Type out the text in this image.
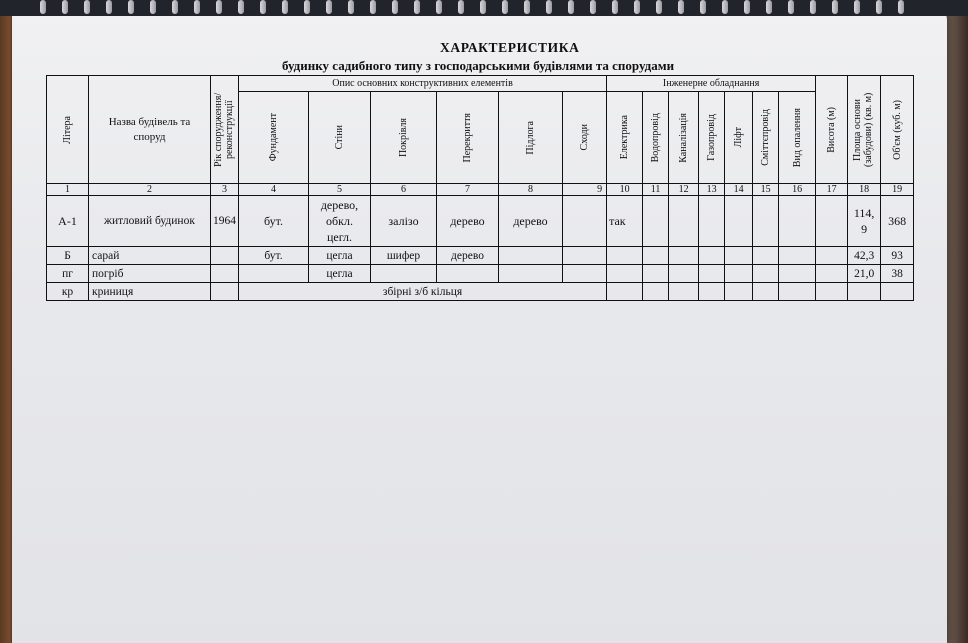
ХАРАКТЕРИСТИКА
будинку садибного типу з господарськими будівлями та спорудами
Літера	Назва будівель та споруд	Рік спорудження/ реконструкції	Опис основних конструктивних елементів						Інженерне обладнання							Висота (м)	Площа основи (забудови) (кв. м)	Об'єм (куб. м)

			Фундамент	Стіни	Покрівля	Перекриття	Підлога	Сходи	Електрика	Водопровід	Каналізація	Газопровід	Ліфт	Сміттєпровід	Вид опалення			

1	2	3	4	5	6	7	8	9	10	11	12	13	14	15	16	17	18	19
А-1	житловий будинок	1964	бут.	дерево, обкл. цегл.	залізо	дерево	дерево		так								114,9	368
Б	сарай		бут.	цегла	шифер	дерево											42,3	93
пг	погріб			цегла													21,0	38
кр	криниця		збірні з/б кільця															
